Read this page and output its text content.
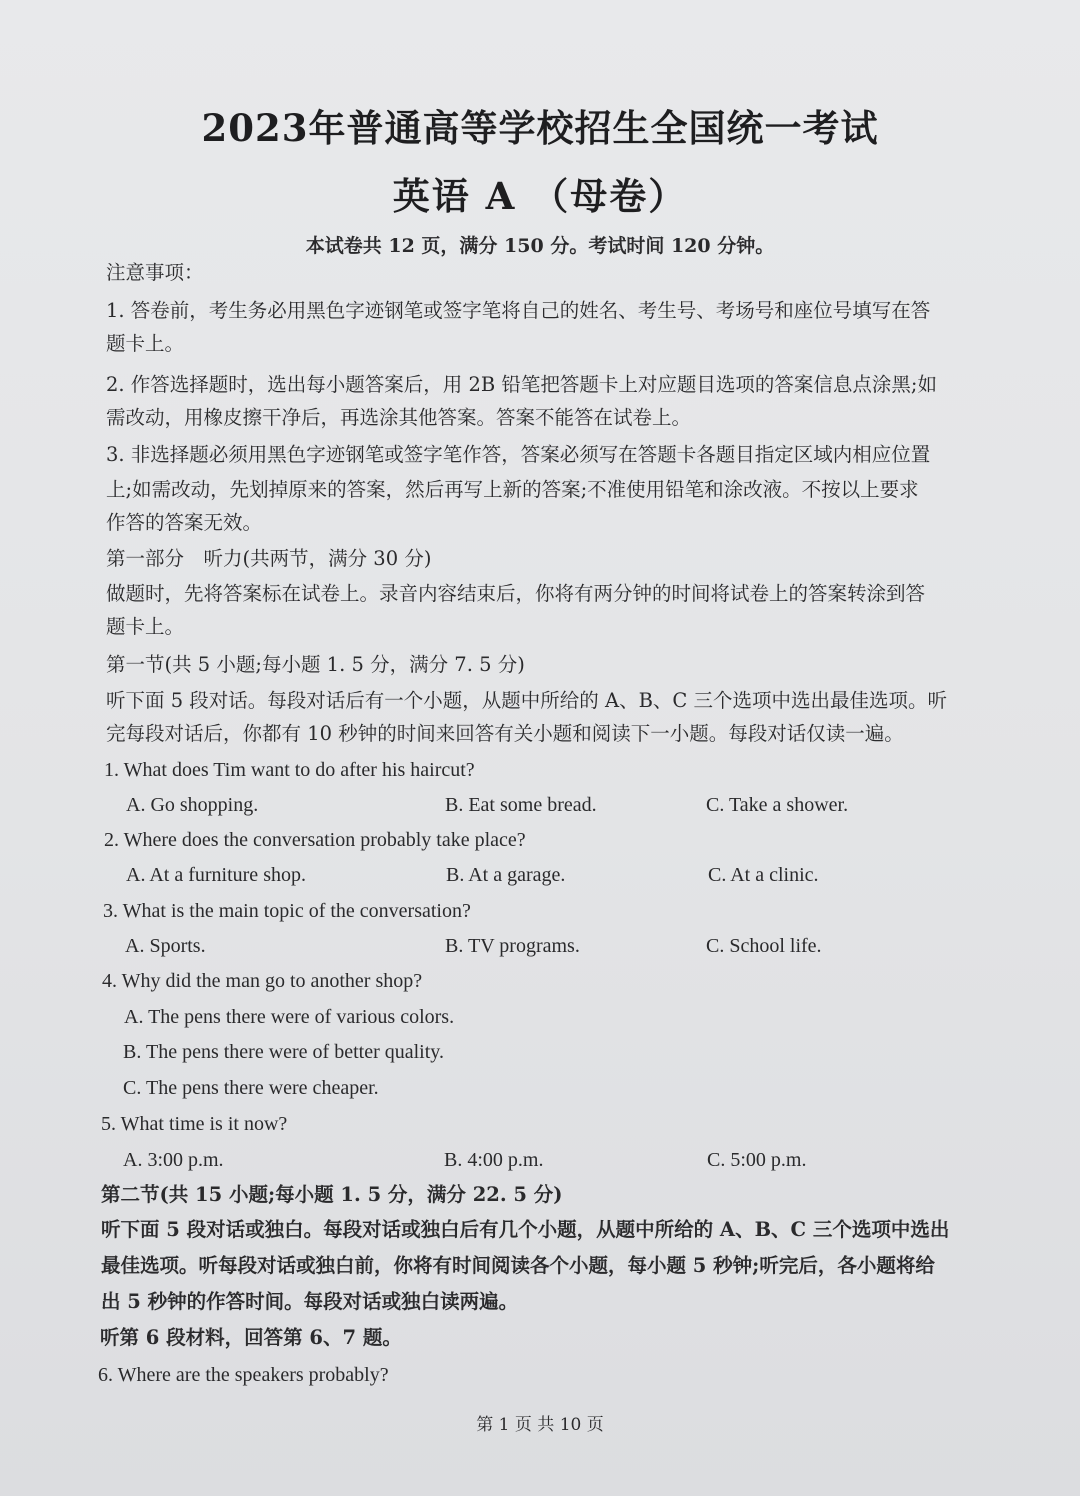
2023年普通高等学校招生全国统一考试
英语 A （母卷）
本试卷共 12 页，满分 150 分。考试时间 120 分钟。
注意事项：
1. 答卷前，考生务必用黑色字迹钢笔或签字笔将自己的姓名、考生号、考场号和座位号填写在答
题卡上。
2. 作答选择题时，选出每小题答案后，用 2B 铅笔把答题卡上对应题目选项的答案信息点涂黑;如
需改动，用橡皮擦干净后，再选涂其他答案。答案不能答在试卷上。
3. 非选择题必须用黑色字迹钢笔或签字笔作答，答案必须写在答题卡各题目指定区域内相应位置
上;如需改动，先划掉原来的答案，然后再写上新的答案;不准使用铅笔和涂改液。不按以上要求
作答的答案无效。
第一部分　听力(共两节，满分 30 分)
做题时，先将答案标在试卷上。录音内容结束后，你将有两分钟的时间将试卷上的答案转涂到答
题卡上。
第一节(共 5 小题;每小题 1. 5 分，满分 7. 5 分)
听下面 5 段对话。每段对话后有一个小题，从题中所给的 A、B、C 三个选项中选出最佳选项。听
完每段对话后，你都有 10 秒钟的时间来回答有关小题和阅读下一小题。每段对话仅读一遍。
1. What does Tim want to do after his haircut?
A. Go shopping.	B. Eat some bread.	C. Take a shower.
2. Where does the conversation probably take place?
A. At a furniture shop.	B. At a garage.	C. At a clinic.
3. What is the main topic of the conversation?
A. Sports.	B. TV programs.	C. School life.
4. Why did the man go to another shop?
A. The pens there were of various colors.
B. The pens there were of better quality.
C. The pens there were cheaper.
5. What time is it now?
A. 3:00 p.m.	B. 4:00 p.m.	C. 5:00 p.m.
第二节(共 15 小题;每小题 1. 5 分，满分 22. 5 分)
听下面 5 段对话或独白。每段对话或独白后有几个小题，从题中所给的 A、B、C 三个选项中选出
最佳选项。听每段对话或独白前，你将有时间阅读各个小题，每小题 5 秒钟;听完后，各小题将给
出 5 秒钟的作答时间。每段对话或独白读两遍。
听第 6 段材料，回答第 6、7 题。
6. Where are the speakers probably?
第 1 页 共 10 页
